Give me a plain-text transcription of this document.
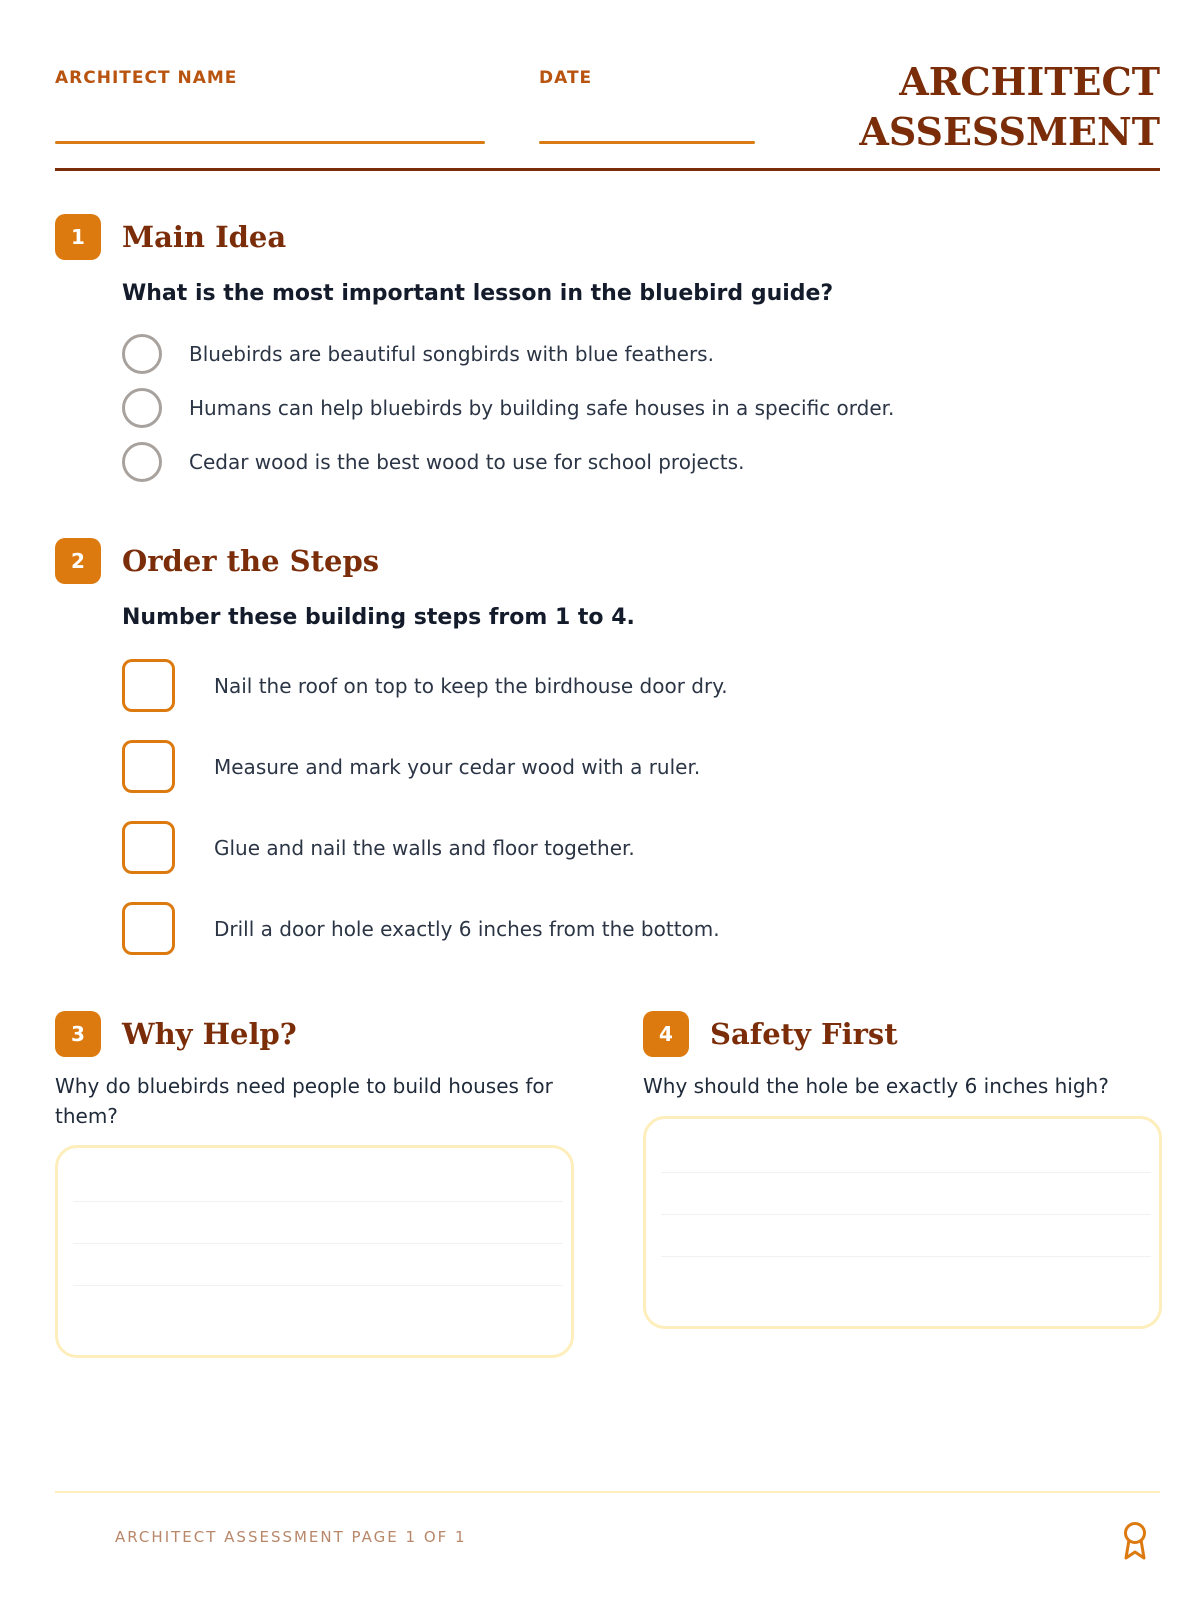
ARCHITECT NAME	DATE	ARCHITECT
ASSESSMENT
1	Main Idea
What is the most important lesson in the bluebird guide?
Bluebirds are beautiful songbirds with blue feathers.
Humans can help bluebirds by building safe houses in a specific order.
Cedar wood is the best wood to use for school projects.
2	Order the Steps
Number these building steps from 1 to 4.
Nail the roof on top to keep the birdhouse door dry.
Measure and mark your cedar wood with a ruler.
Glue and nail the walls and floor together.
Drill a door hole exactly 6 inches from the bottom.
3	Why Help?
Why do bluebirds need people to build houses for them?
4	Safety First
Why should the hole be exactly 6 inches high?
ARCHITECT ASSESSMENT PAGE 1 OF 1
